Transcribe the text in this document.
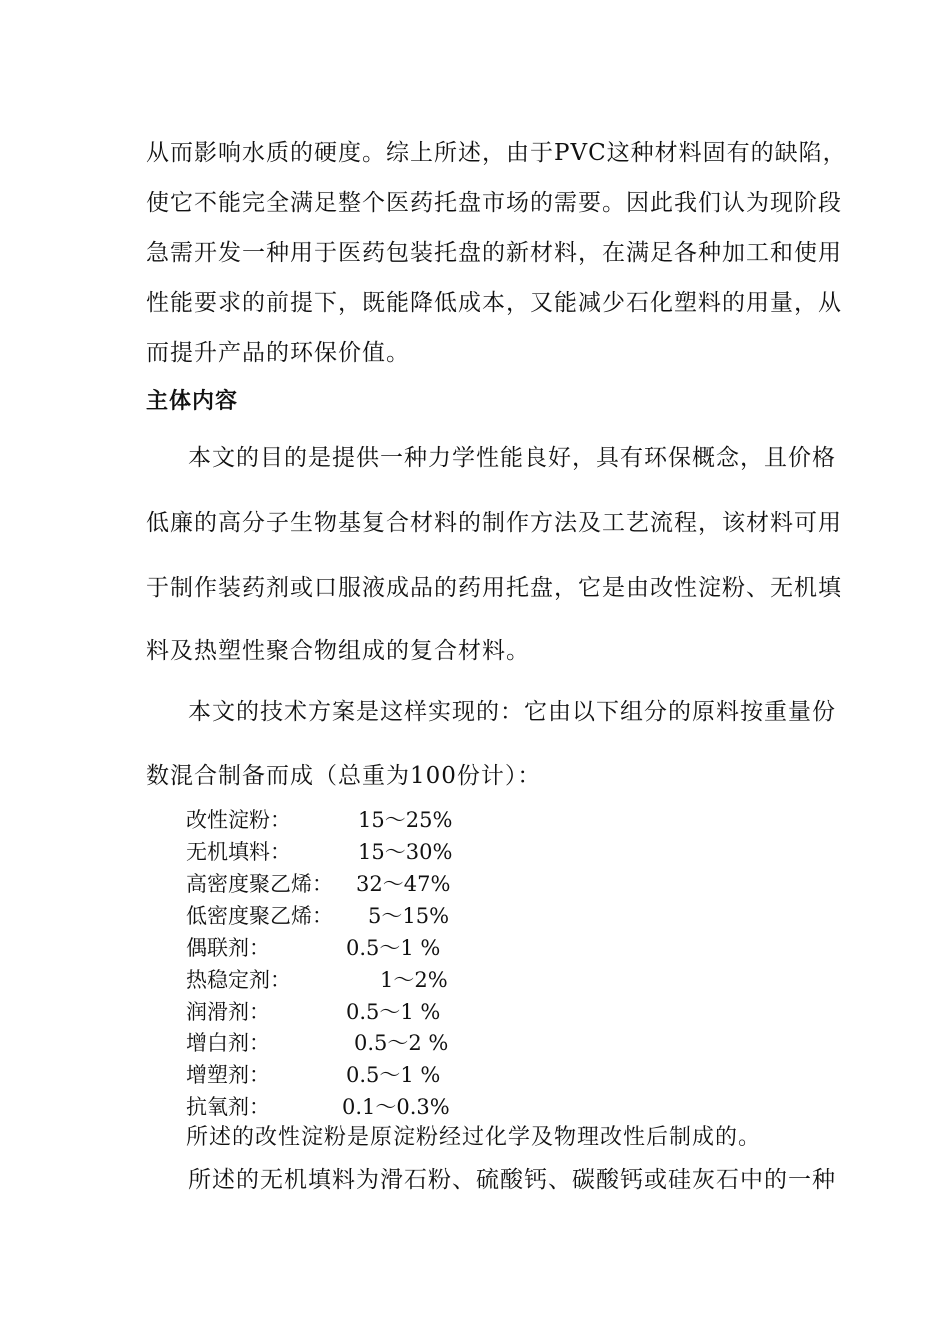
从而影响水质的硬度。综上所述，由于PVC这种材料固有的缺陷，
使它不能完全满足整个医药托盘市场的需要。因此我们认为现阶段
急需开发一种用于医药包装托盘的新材料，在满足各种加工和使用
性能要求的前提下，既能降低成本，又能减少石化塑料的用量，从
而提升产品的环保价值。
主体内容
本文的目的是提供一种力学性能良好，具有环保概念，且价格
低廉的高分子生物基复合材料的制作方法及工艺流程，该材料可用
于制作装药剂或口服液成品的药用托盘，它是由改性淀粉、无机填
料及热塑性聚合物组成的复合材料。
本文的技术方案是这样实现的：它由以下组分的原料按重量份
数混合制备而成（总重为100份计）：
改性淀粉：	15～25%
无机填料：	15～30%
高密度聚乙烯： 32～47%
低密度聚乙烯： 5～15%
偶联剂：	0.5～1 %
热稳定剂：	1～2%
润滑剂：	0.5～1 %
增白剂：	0.5～2 %
增塑剂：	0.5～1 %
抗氧剂：	0.1～0.3%
所述的改性淀粉是原淀粉经过化学及物理改性后制成的。
所述的无机填料为滑石粉、硫酸钙、碳酸钙或硅灰石中的一种
